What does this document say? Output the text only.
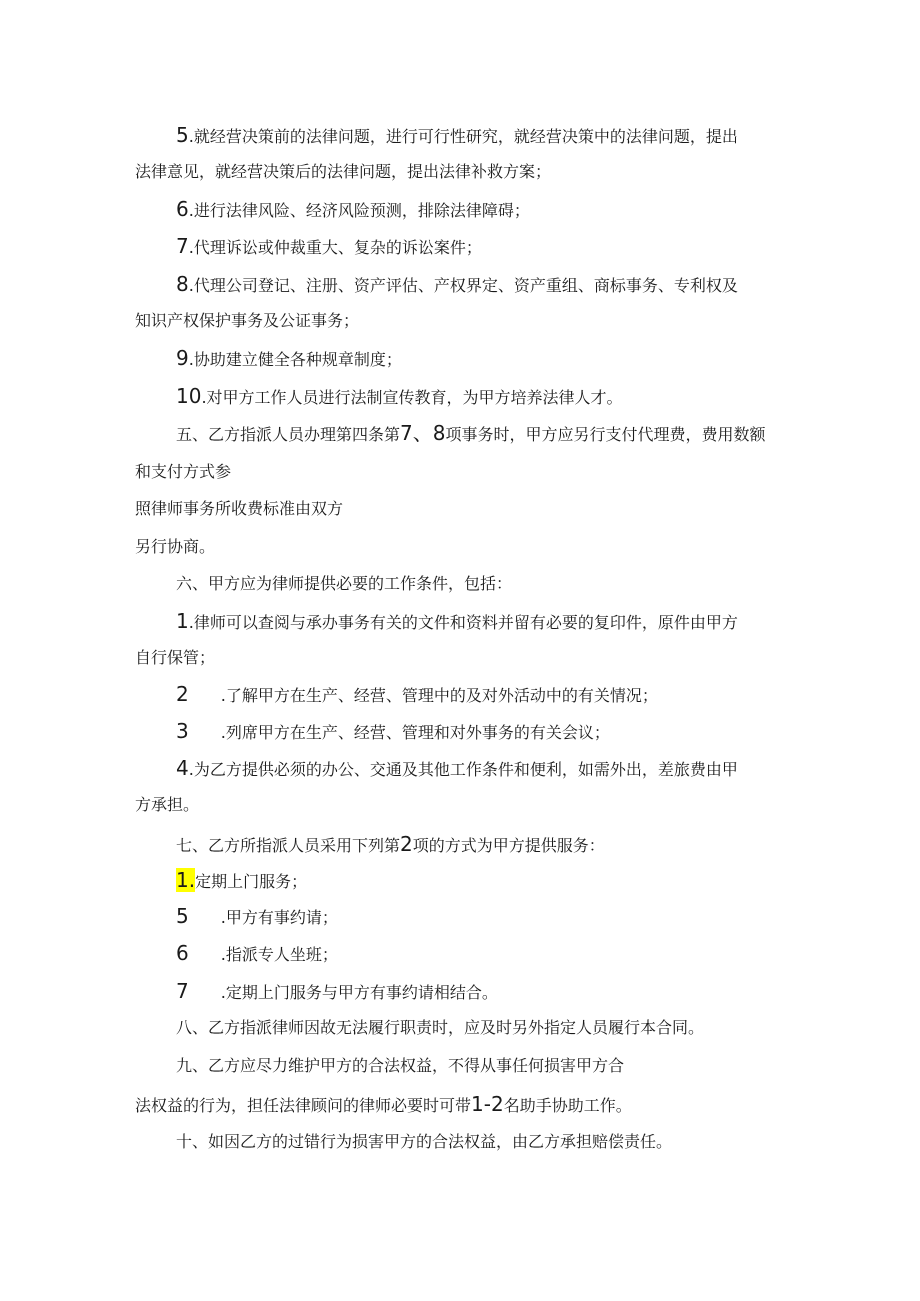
5.就经营决策前的法律问题，进行可行性研究，就经营决策中的法律问题，提出
法律意见，就经营决策后的法律问题，提出法律补救方案；
6.进行法律风险、经济风险预测，排除法律障碍；
7.代理诉讼或仲裁重大、复杂的诉讼案件；
8.代理公司登记、注册、资产评估、产权界定、资产重组、商标事务、专利权及
知识产权保护事务及公证事务；
9.协助建立健全各种规章制度；
10.对甲方工作人员进行法制宣传教育，为甲方培养法律人才。
五、乙方指派人员办理第四条第7、8项事务时，甲方应另行支付代理费，费用数额
和支付方式参
照律师事务所收费标准由双方
另行协商。
六、甲方应为律师提供必要的工作条件，包括：
1.律师可以查阅与承办事务有关的文件和资料并留有必要的复印件，原件由甲方
自行保管；
2 .了解甲方在生产、经营、管理中的及对外活动中的有关情况；
3 .列席甲方在生产、经营、管理和对外事务的有关会议；
4.为乙方提供必须的办公、交通及其他工作条件和便利，如需外出，差旅费由甲
方承担。
七、乙方所指派人员采用下列第2项的方式为甲方提供服务：
1.定期上门服务；
5 .甲方有事约请；
6 .指派专人坐班；
7 .定期上门服务与甲方有事约请相结合。
八、乙方指派律师因故无法履行职责时，应及时另外指定人员履行本合同。
九、乙方应尽力维护甲方的合法权益，不得从事任何损害甲方合
法权益的行为，担任法律顾问的律师必要时可带1-2名助手协助工作。
十、如因乙方的过错行为损害甲方的合法权益，由乙方承担赔偿责任。
